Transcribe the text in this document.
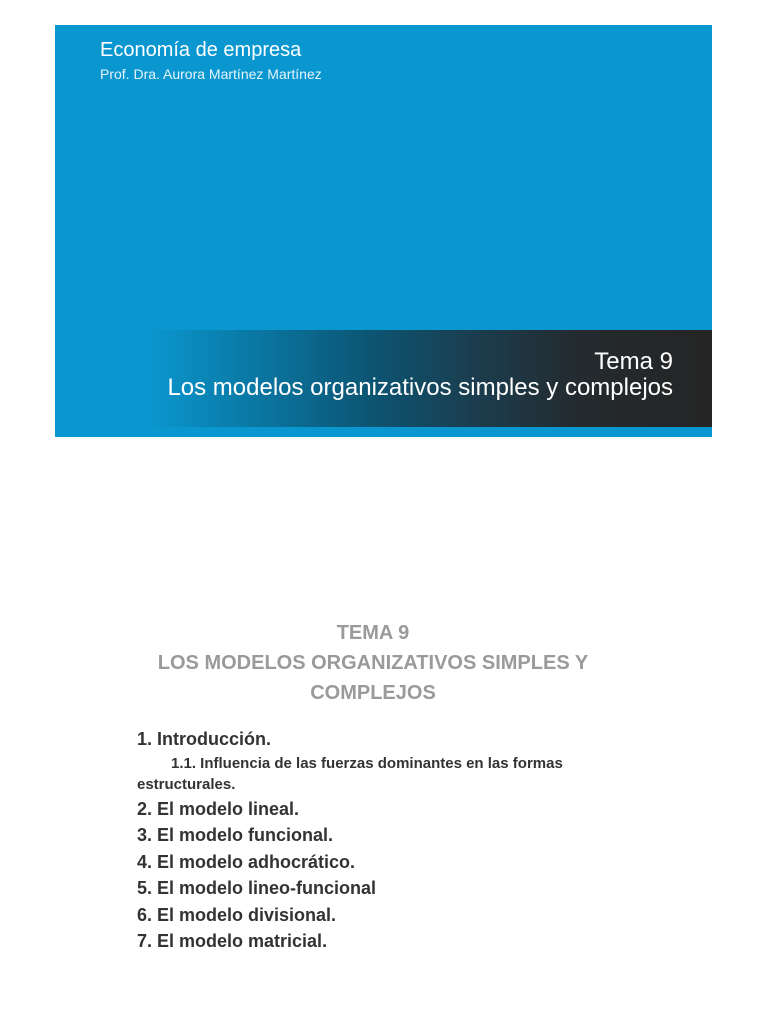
Economía de empresa
Prof. Dra. Aurora Martínez Martínez
Tema 9
Los modelos organizativos simples y complejos
TEMA 9
LOS MODELOS ORGANIZATIVOS SIMPLES Y
COMPLEJOS
1. Introducción.
1.1. Influencia de las fuerzas dominantes en las formas
estructurales.
2. El modelo lineal.
3. El modelo funcional.
4. El modelo adhocrático.
5. El modelo lineo-funcional
6. El modelo divisional.
7. El modelo matricial.
